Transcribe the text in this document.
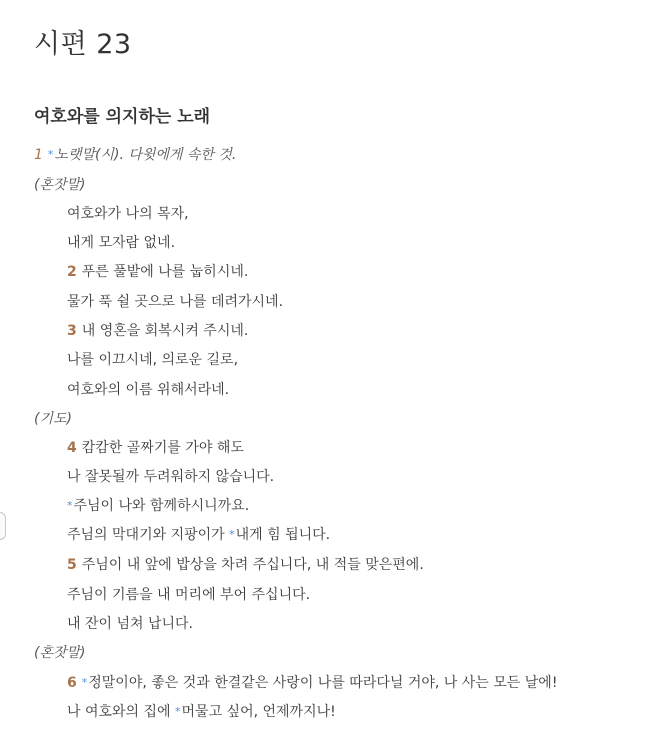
시편 23
여호와를 의지하는 노래
1 *노랫말(시). 다윗에게 속한 것.
(혼잣말)
여호와가 나의 목자,
내게 모자람 없네.
2 푸른 풀밭에 나를 눕히시네.
물가 푹 쉴 곳으로 나를 데려가시네.
3 내 영혼을 회복시켜 주시네.
나를 이끄시네, 의로운 길로,
여호와의 이름 위해서라네.
(기도)
4 캄캄한 골짜기를 가야 해도
나 잘못될까 두려워하지 않습니다.
*주님이 나와 함께하시니까요.
주님의 막대기와 지팡이가 *내게 힘 됩니다.
5 주님이 내 앞에 밥상을 차려 주십니다, 내 적들 맞은편에.
주님이 기름을 내 머리에 부어 주십니다.
내 잔이 넘쳐 납니다.
(혼잣말)
6 *정말이야, 좋은 것과 한결같은 사랑이 나를 따라다닐 거야, 나 사는 모든 날에!
나 여호와의 집에 *머물고 싶어, 언제까지나!
